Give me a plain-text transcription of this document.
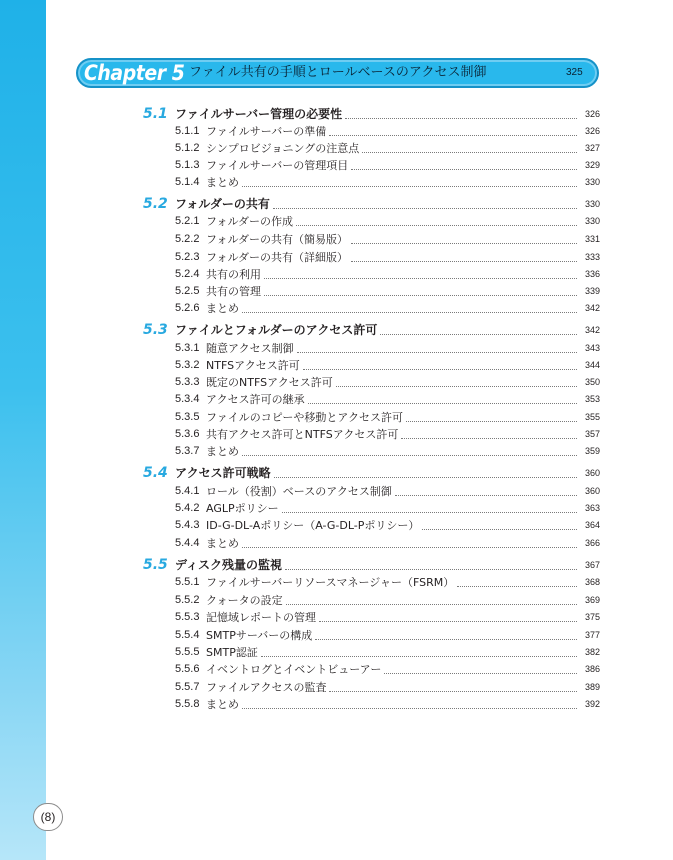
Chapter 5 ファイル共有の手順とロールベースのアクセス制御	325
5.1 ファイルサーバー管理の必要性	326
5.1.1 ファイルサーバーの準備	326
5.1.2 シンプロビジョニングの注意点	327
5.1.3 ファイルサーバーの管理項目	329
5.1.4 まとめ	330
5.2 フォルダーの共有	330
5.2.1 フォルダーの作成	330
5.2.2 フォルダーの共有（簡易版）	331
5.2.3 フォルダーの共有（詳細版）	333
5.2.4 共有の利用	336
5.2.5 共有の管理	339
5.2.6 まとめ	342
5.3 ファイルとフォルダーのアクセス許可	342
5.3.1 随意アクセス制御	343
5.3.2 NTFSアクセス許可	344
5.3.3 既定のNTFSアクセス許可	350
5.3.4 アクセス許可の継承	353
5.3.5 ファイルのコピーや移動とアクセス許可	355
5.3.6 共有アクセス許可とNTFSアクセス許可	357
5.3.7 まとめ	359
5.4 アクセス許可戦略	360
5.4.1 ロール（役割）ベースのアクセス制御	360
5.4.2 AGLPポリシー	363
5.4.3 ID-G-DL-Aポリシー（A-G-DL-Pポリシー）	364
5.4.4 まとめ	366
5.5 ディスク残量の監視	367
5.5.1 ファイルサーバーリソースマネージャー（FSRM）	368
5.5.2 クォータの設定	369
5.5.3 記憶域レポートの管理	375
5.5.4 SMTPサーバーの構成	377
5.5.5 SMTP認証	382
5.5.6 イベントログとイベントビューアー	386
5.5.7 ファイルアクセスの監査	389
5.5.8 まとめ	392
( 8 )
